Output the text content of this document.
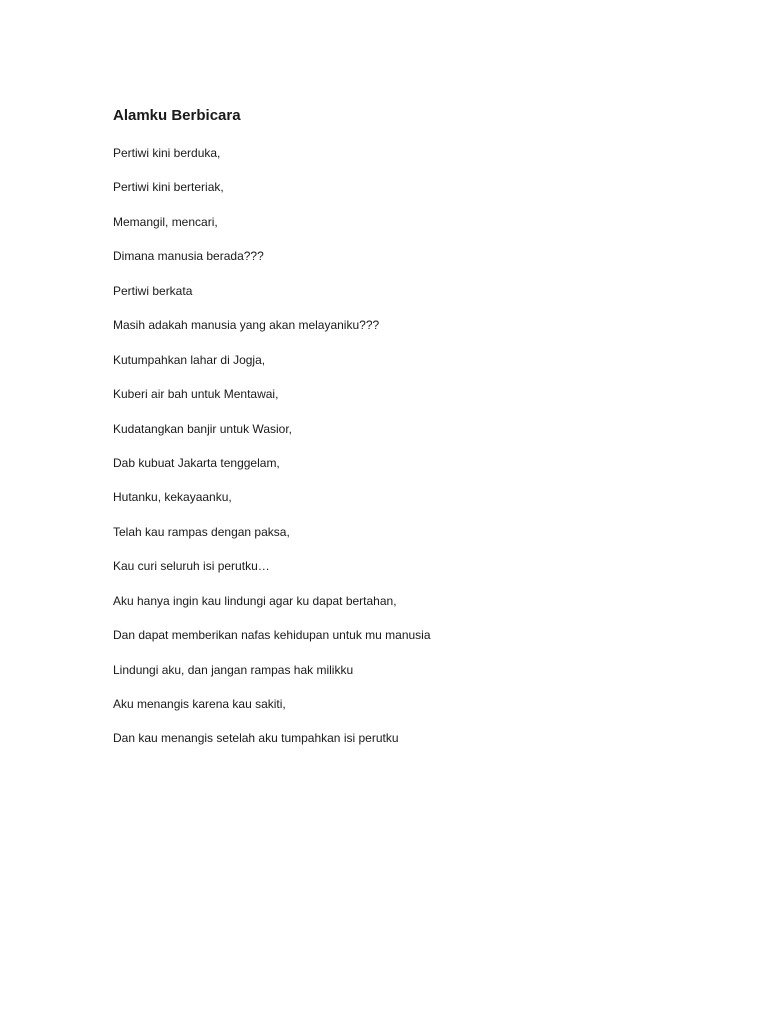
Alamku Berbicara
Pertiwi kini berduka,
Pertiwi kini berteriak,
Memangil, mencari,
Dimana manusia berada???
Pertiwi berkata
Masih adakah manusia yang akan melayaniku???
Kutumpahkan lahar di Jogja,
Kuberi air bah untuk Mentawai,
Kudatangkan banjir untuk Wasior,
Dab kubuat Jakarta tenggelam,
Hutanku, kekayaanku,
Telah kau rampas dengan paksa,
Kau curi seluruh isi perutku…
Aku hanya ingin kau lindungi agar ku dapat bertahan,
Dan dapat memberikan nafas kehidupan untuk mu manusia
Lindungi aku, dan jangan rampas hak milikku
Aku menangis karena kau sakiti,
Dan kau menangis setelah aku tumpahkan isi perutku
